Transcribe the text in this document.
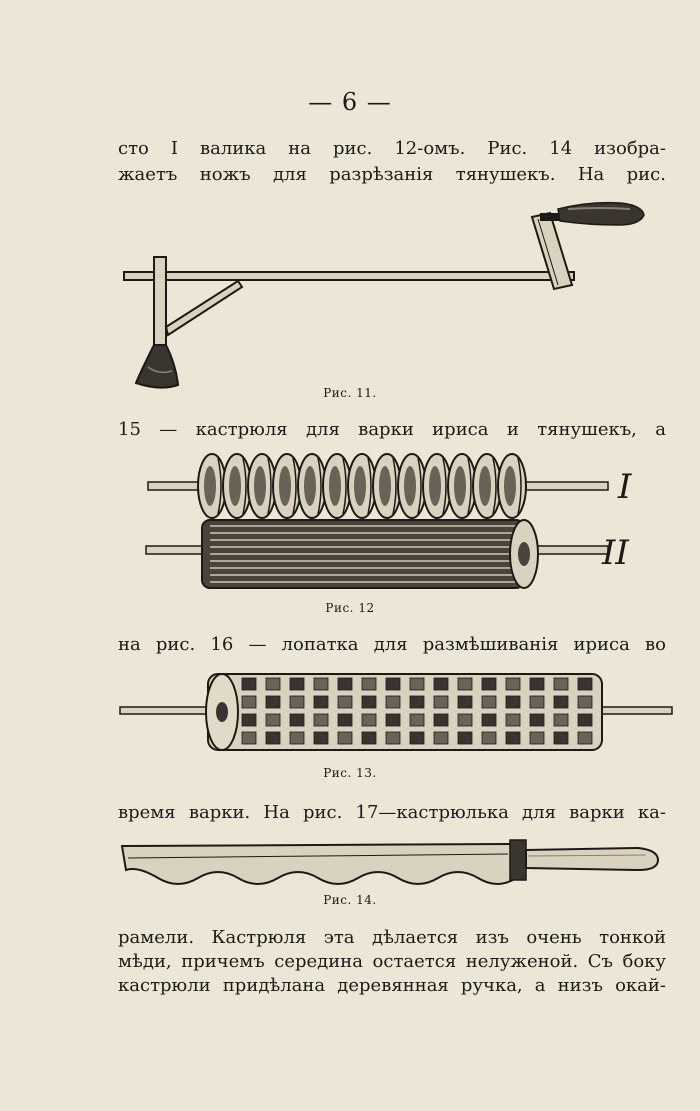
— 6 —
сто I валика на рис. 12-омъ. Рис. 14 изобра-
жаетъ ножъ для разрѣзанія тянушекъ. На рис.
Рис. 11.
15 — кастрюля для варки ириса и тянушекъ, а
I
II
Рис. 12
на рис. 16 — лопатка для размѣшиванія ириса во
Рис. 13.
время варки. На рис. 17—кастрюлька для варки ка-
Рис. 14.
рамели. Кастрюля эта дѣлается изъ очень тонкой
мѣди, причемъ середина остается нелуженой. Съ боку
кастрюли придѣлана деревянная ручка, а низъ окай-
